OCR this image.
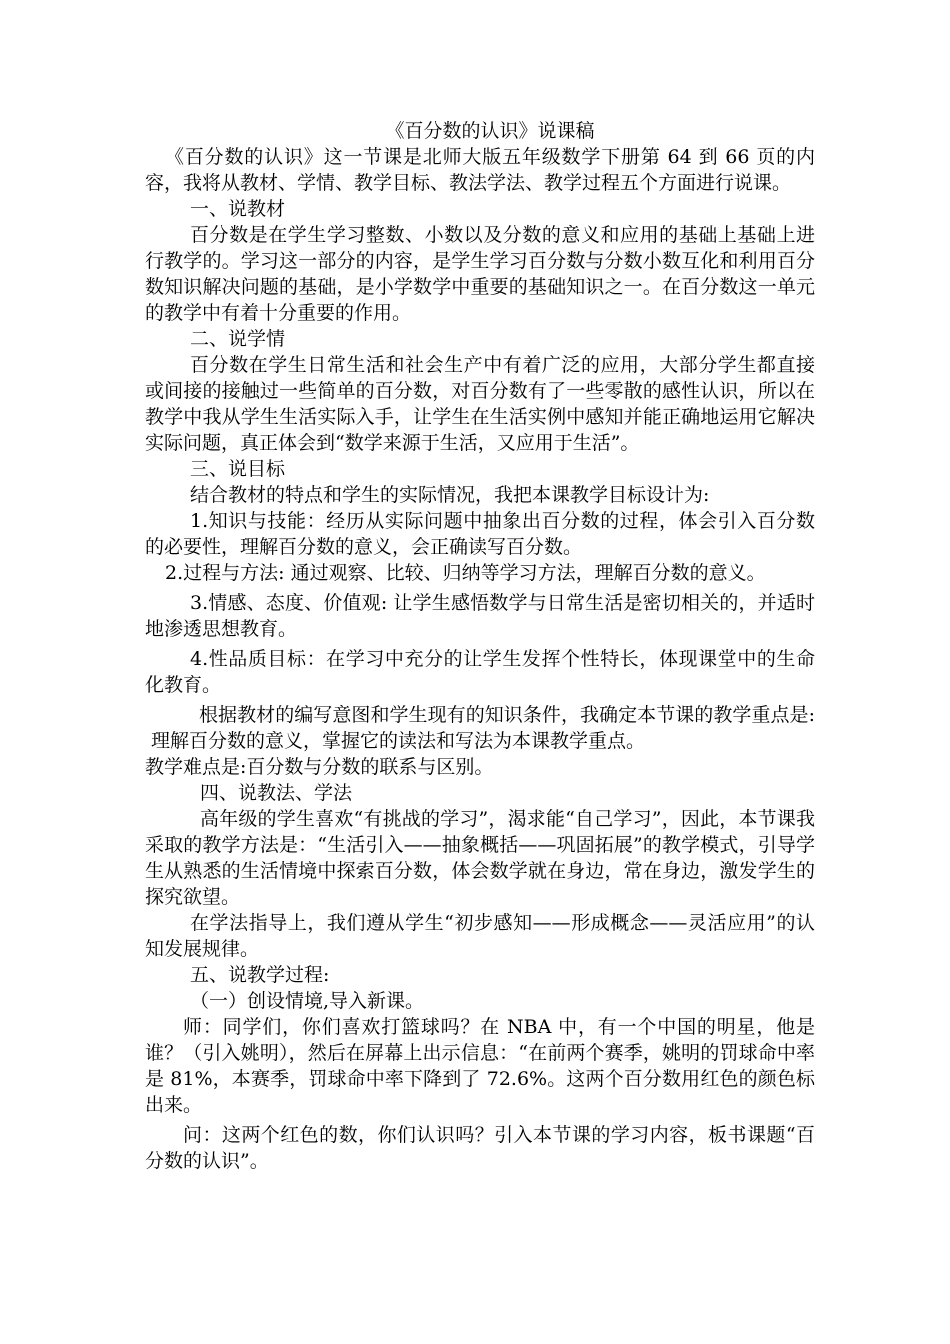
《百分数的认识》说课稿

《百分数的认识》这一节课是北师大版五年级数学下册第 64 到 66 页的内容，我将从教材、学情、教学目标、教法学法、教学过程五个方面进行说课。

一、说教材

百分数是在学生学习整数、小数以及分数的意义和应用的基础上基础上进行教学的。学习这一部分的内容，是学生学习百分数与分数小数互化和利用百分数知识解决问题的基础，是小学数学中重要的基础知识之一。在百分数这一单元的教学中有着十分重要的作用。

二、说学情

百分数在学生日常生活和社会生产中有着广泛的应用，大部分学生都直接或间接的接触过一些简单的百分数，对百分数有了一些零散的感性认识，所以在教学中我从学生生活实际入手，让学生在生活实例中感知并能正确地运用它解决实际问题，真正体会到“数学来源于生活，又应用于生活”。

三、说目标

结合教材的特点和学生的实际情况，我把本课教学目标设计为:

1.知识与技能：经历从实际问题中抽象出百分数的过程，体会引入百分数的必要性，理解百分数的意义，会正确读写百分数。

2.过程与方法: 通过观察、比较、归纳等学习方法，理解百分数的意义。

3.情感、态度、价值观: 让学生感悟数学与日常生活是密切相关的，并适时地渗透思想教育。

4.性品质目标：在学习中充分的让学生发挥个性特长，体现课堂中的生命化教育。

根据教材的编写意图和学生现有的知识条件，我确定本节课的教学重点是:理解百分数的意义，掌握它的读法和写法为本课教学重点。

教学难点是:百分数与分数的联系与区别。

四、说教法、学法

高年级的学生喜欢“有挑战的学习”，渴求能“自己学习”，因此，本节课我采取的教学方法是：“生活引入——抽象概括——巩固拓展”的教学模式，引导学生从熟悉的生活情境中探索百分数，体会数学就在身边，常在身边，激发学生的探究欲望。

在学法指导上，我们遵从学生“初步感知——形成概念——灵活应用”的认知发展规律。

五、说教学过程:

（一）创设情境,导入新课。

师：同学们，你们喜欢打篮球吗？在 NBA 中，有一个中国的明星，他是谁？（引入姚明），然后在屏幕上出示信息：“在前两个赛季，姚明的罚球命中率是 81%，本赛季，罚球命中率下降到了 72.6%。这两个百分数用红色的颜色标出来。

问：这两个红色的数，你们认识吗？引入本节课的学习内容，板书课题“百分数的认识”。
